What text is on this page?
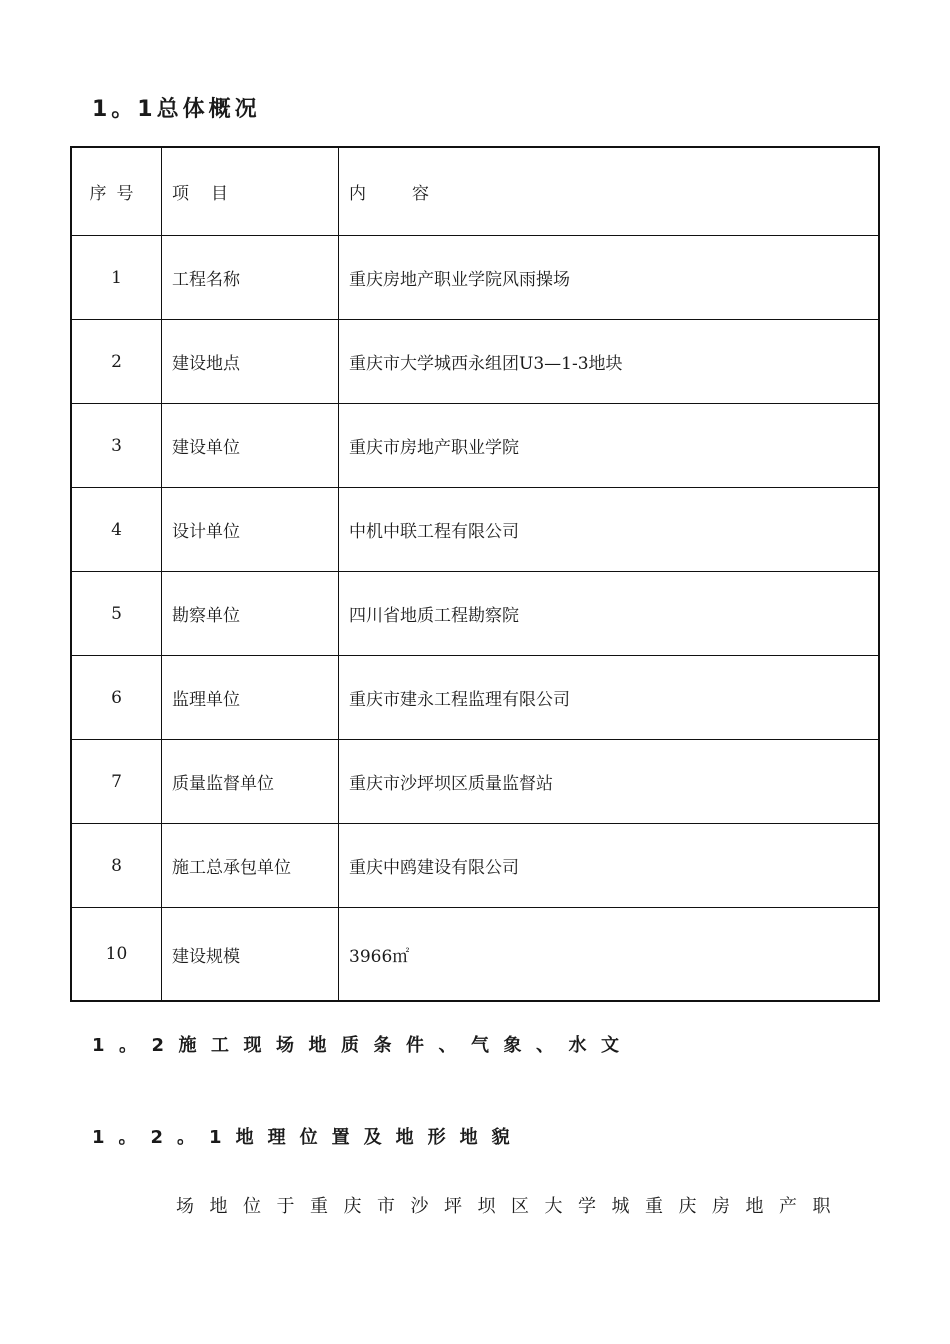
1。1总体概况
序号	项目	内容
1	工程名称	重庆房地产职业学院风雨操场
2	建设地点	重庆市大学城西永组团U3—1-3地块
3	建设单位	重庆市房地产职业学院
4	设计单位	中机中联工程有限公司
5	勘察单位	四川省地质工程勘察院
6	监理单位	重庆市建永工程监理有限公司
7	质量监督单位	重庆市沙坪坝区质量监督站
8	施工总承包单位	重庆中鸥建设有限公司
10	建设规模	3966㎡
1。2施工现场地质条件、气象、水文
1。2。1地理位置及地形地貌

场地位于重庆市沙坪坝区大学城重庆房地产职
